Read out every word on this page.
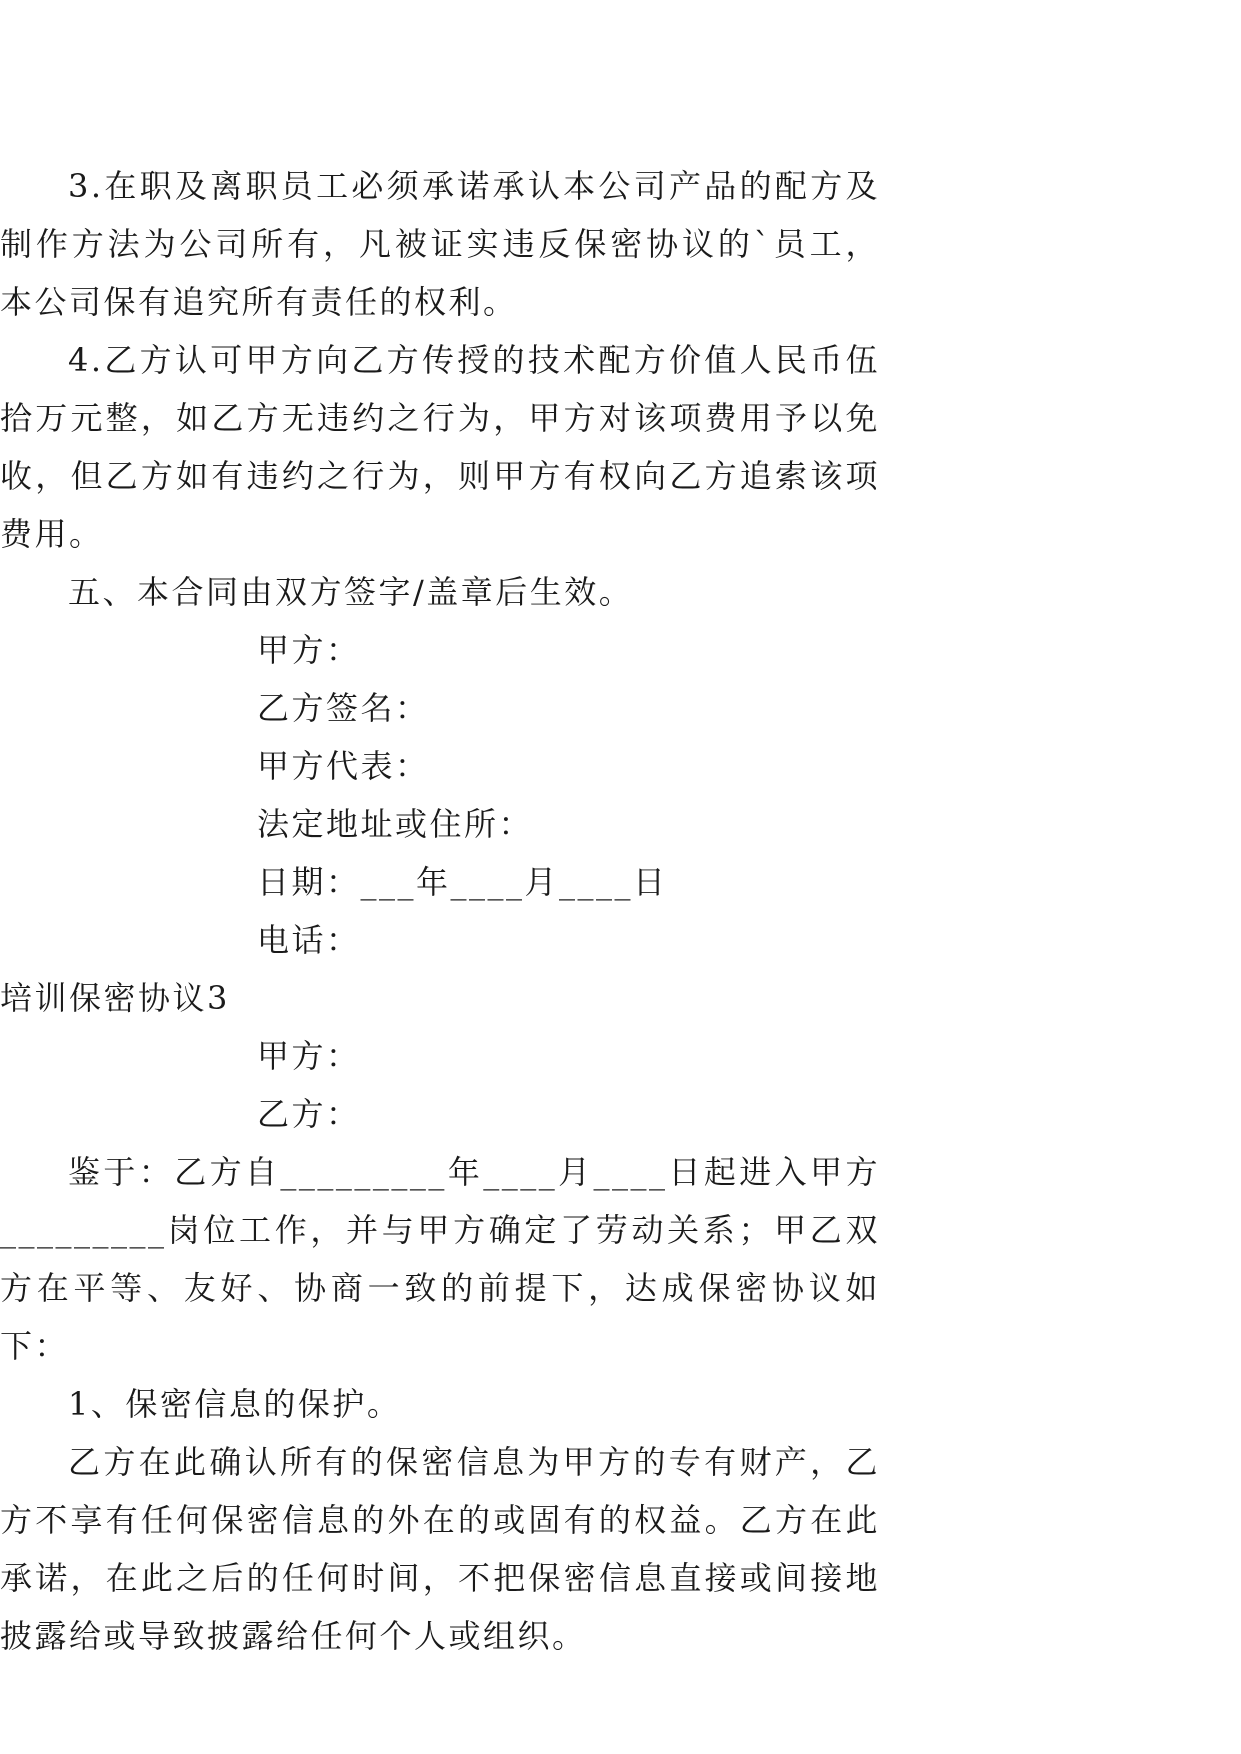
3.在职及离职员工必须承诺承认本公司产品的配方及制作方法为公司所有，凡被证实违反保密协议的`员工，本公司保有追究所有责任的权利。

4.乙方认可甲方向乙方传授的技术配方价值人民币伍拾万元整，如乙方无违约之行为，甲方对该项费用予以免收，但乙方如有违约之行为，则甲方有权向乙方追索该项费用。

五、本合同由双方签字/盖章后生效。

甲方：
乙方签名：
甲方代表：
法定地址或住所：
日期：___年____月____日
电话：

培训保密协议3

甲方：
乙方：

鉴于：乙方自_________年____月____日起进入甲方_________岗位工作，并与甲方确定了劳动关系；甲乙双方在平等、友好、协商一致的前提下，达成保密协议如下：

1、保密信息的保护。

乙方在此确认所有的保密信息为甲方的专有财产，乙方不享有任何保密信息的外在的或固有的权益。乙方在此承诺，在此之后的任何时间，不把保密信息直接或间接地披露给或导致披露给任何个人或组织。
